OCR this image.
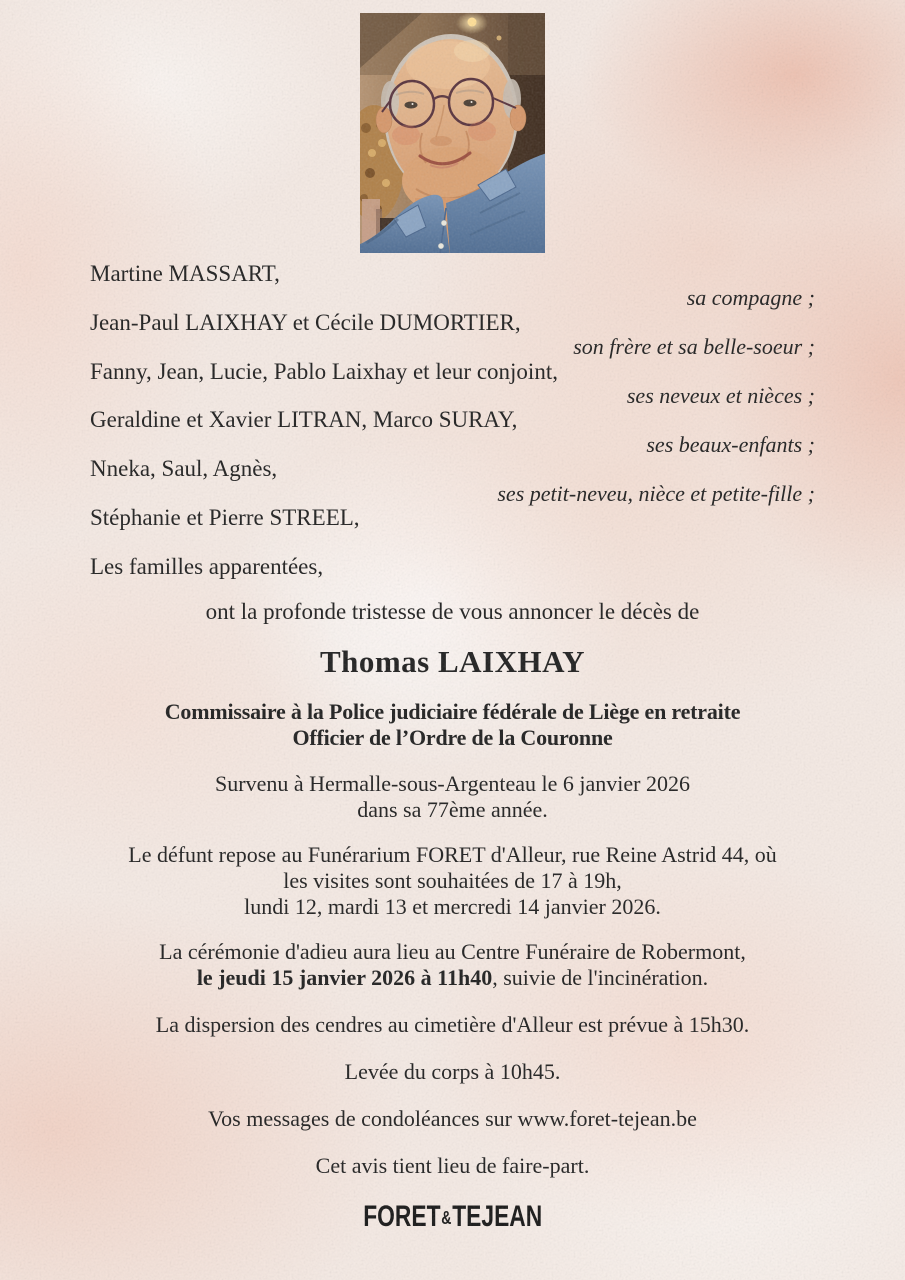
Martine MASSART,
sa compagne ;
Jean-Paul LAIXHAY et Cécile DUMORTIER,
son frère et sa belle-soeur ;
Fanny, Jean, Lucie, Pablo Laixhay et leur conjoint,
ses neveux et nièces ;
Geraldine et Xavier LITRAN, Marco SURAY,
ses beaux-enfants ;
Nneka, Saul, Agnès,
ses petit-neveu, nièce et petite-fille ;
Stéphanie et Pierre STREEL,
Les familles apparentées,
ont la profonde tristesse de vous annoncer le décès de
Thomas LAIXHAY
Commissaire à la Police judiciaire fédérale de Liège en retraite
Officier de l’Ordre de la Couronne
Survenu à Hermalle-sous-Argenteau le 6 janvier 2026
dans sa 77ème année.
Le défunt repose au Funérarium FORET d'Alleur, rue Reine Astrid 44, où
les visites sont souhaitées de 17 à 19h,
lundi 12, mardi 13 et mercredi 14 janvier 2026.
La cérémonie d'adieu aura lieu au Centre Funéraire de Robermont,
le jeudi 15 janvier 2026 à 11h40, suivie de l'incinération.
La dispersion des cendres au cimetière d'Alleur est prévue à 15h30.
Levée du corps à 10h45.
Vos messages de condoléances sur www.foret-tejean.be
Cet avis tient lieu de faire-part.
FORET&TEJEAN
